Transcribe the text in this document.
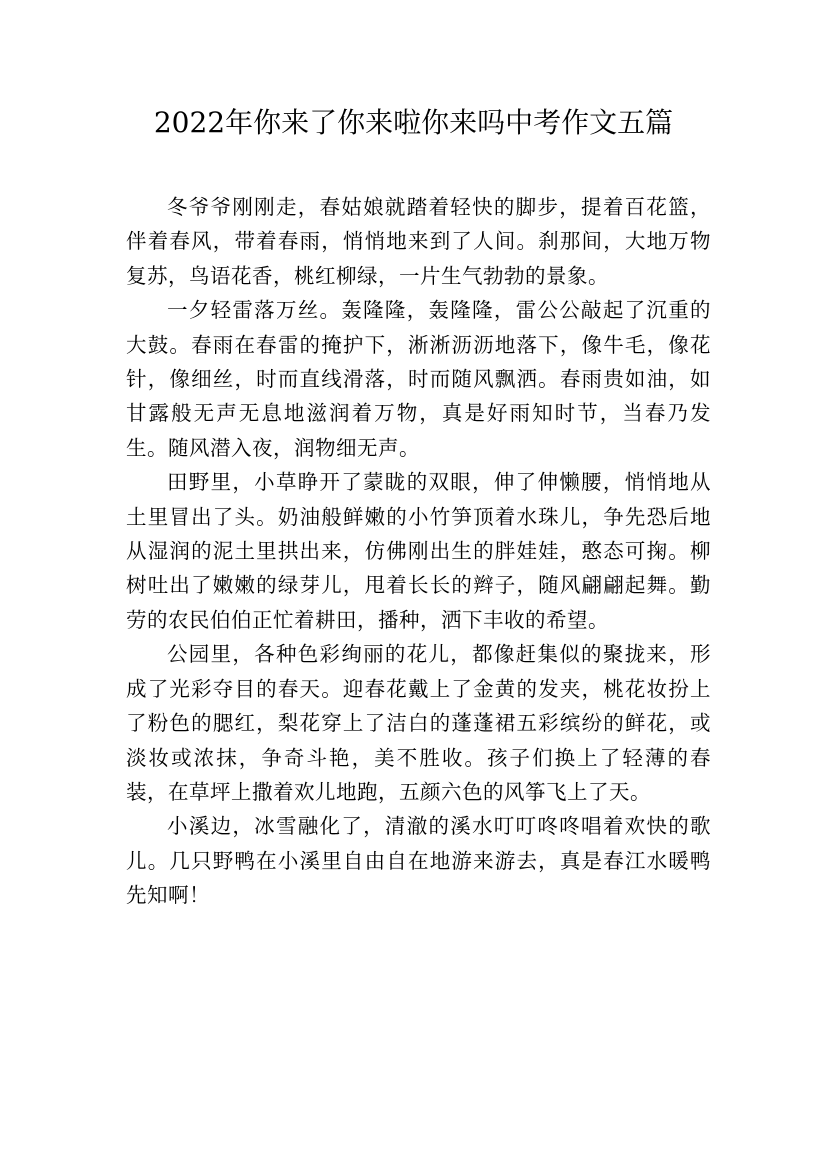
2022年你来了你来啦你来吗中考作文五篇

冬爷爷刚刚走，春姑娘就踏着轻快的脚步，提着百花篮，伴着春风，带着春雨，悄悄地来到了人间。刹那间，大地万物复苏，鸟语花香，桃红柳绿，一片生气勃勃的景象。

一夕轻雷落万丝。轰隆隆，轰隆隆，雷公公敲起了沉重的大鼓。春雨在春雷的掩护下，淅淅沥沥地落下，像牛毛，像花针，像细丝，时而直线滑落，时而随风飘洒。春雨贵如油，如甘露般无声无息地滋润着万物，真是好雨知时节，当春乃发生。随风潜入夜，润物细无声。

田野里，小草睁开了蒙眬的双眼，伸了伸懒腰，悄悄地从土里冒出了头。奶油般鲜嫩的小竹笋顶着水珠儿，争先恐后地从湿润的泥土里拱出来，仿佛刚出生的胖娃娃，憨态可掬。柳树吐出了嫩嫩的绿芽儿，甩着长长的辫子，随风翩翩起舞。勤劳的农民伯伯正忙着耕田，播种，洒下丰收的希望。

公园里，各种色彩绚丽的花儿，都像赶集似的聚拢来，形成了光彩夺目的春天。迎春花戴上了金黄的发夹，桃花妆扮上了粉色的腮红，梨花穿上了洁白的蓬蓬裙五彩缤纷的鲜花，或淡妆或浓抹，争奇斗艳，美不胜收。孩子们换上了轻薄的春装，在草坪上撒着欢儿地跑，五颜六色的风筝飞上了天。

小溪边，冰雪融化了，清澈的溪水叮叮咚咚唱着欢快的歌儿。几只野鸭在小溪里自由自在地游来游去，真是春江水暖鸭先知啊！
